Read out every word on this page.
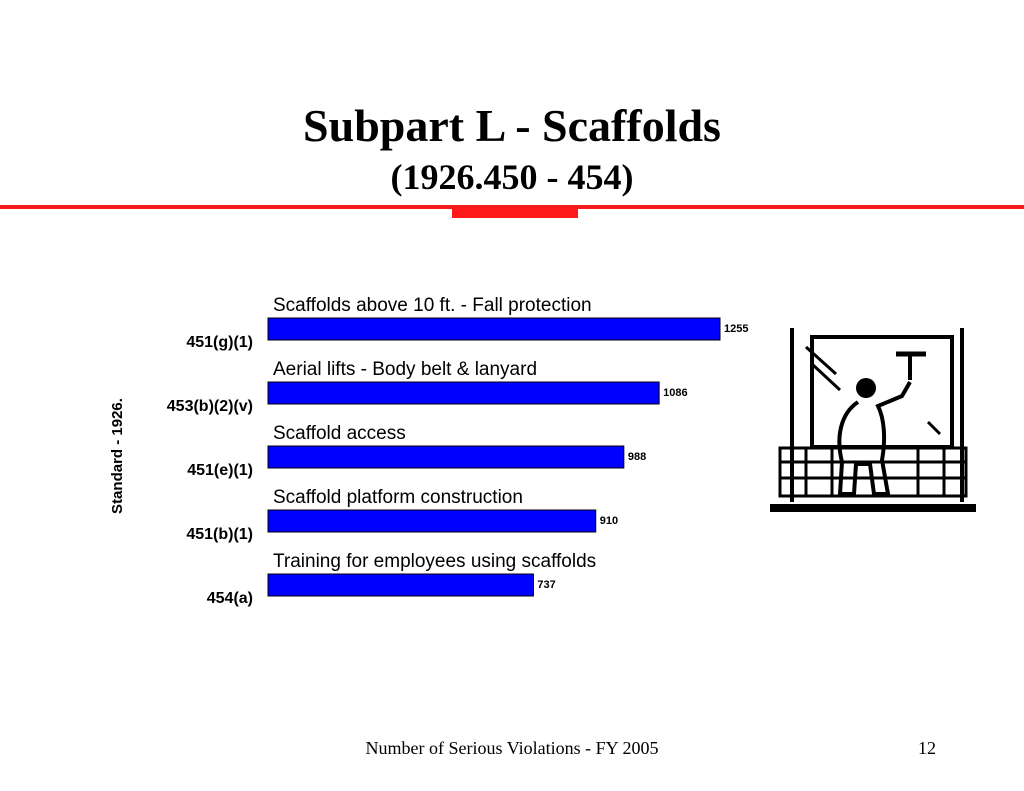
Subpart L - Scaffolds
(1926.450 - 454)
Standard - 1926.
Scaffolds above 10 ft. - Fall protection
1255
451(g)(1)
Aerial lifts - Body belt & lanyard
1086
453(b)(2)(v)
Scaffold access
988
451(e)(1)
Scaffold platform construction
910
451(b)(1)
Training for employees using scaffolds
737
454(a)
Number of Serious Violations - FY 2005	12
